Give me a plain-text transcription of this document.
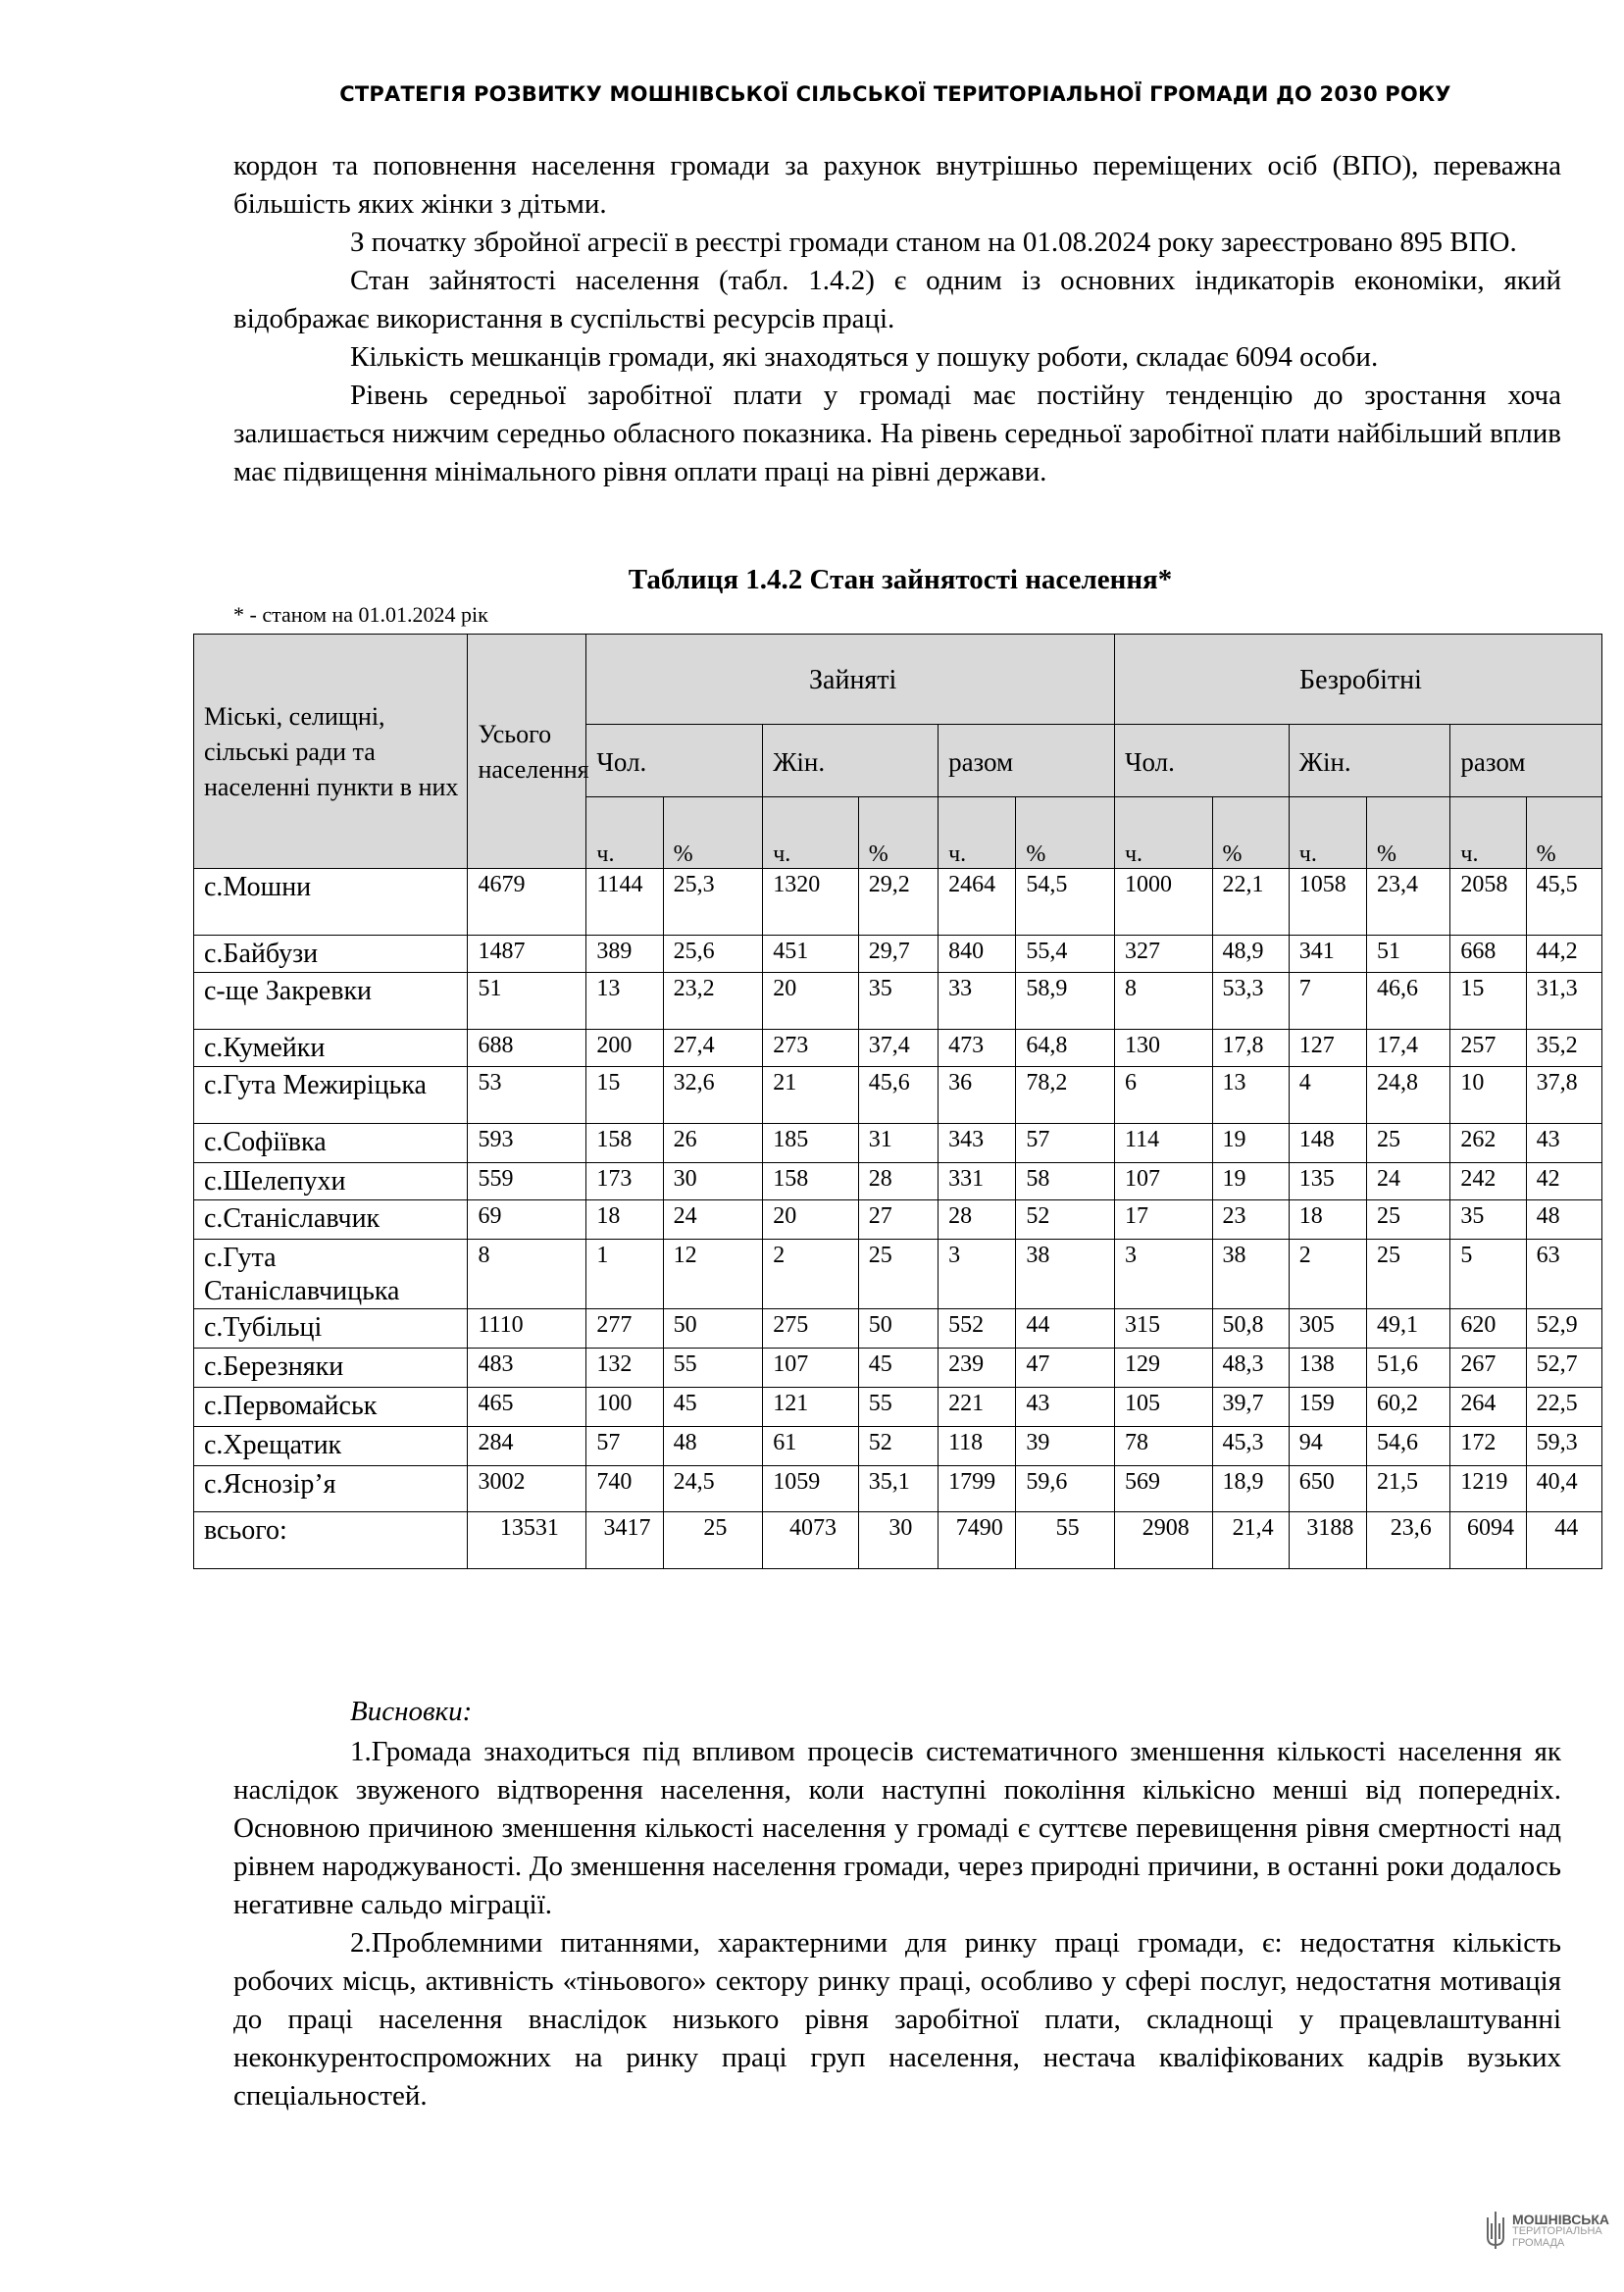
СТРАТЕГІЯ РОЗВИТКУ МОШНІВСЬКОЇ СІЛЬСЬКОЇ ТЕРИТОРІАЛЬНОЇ ГРОМАДИ ДО 2030 РОКУ

кордон та поповнення населення громади за рахунок внутрішньо переміщених осіб (ВПО), переважна більшість яких жінки з дітьми.

З початку збройної агресії в реєстрі громади станом на 01.08.2024 року зареєстровано 895 ВПО.

Стан зайнятості населення (табл. 1.4.2) є одним із основних індикаторів економіки, який відображає використання в суспільстві ресурсів праці.

Кількість мешканців громади, які знаходяться у пошуку роботи, складає 6094 особи.

Рівень середньої заробітної плати у громаді має постійну тенденцію до зростання хоча залишається нижчим середньо обласного показника. На рівень середньої заробітної плати найбільший вплив має підвищення мінімального рівня оплати праці на рівні держави.

Таблиця 1.4.2 Стан зайнятості населення*
* - станом на 01.01.2024 рік
Міські, селищні, сільські ради та населенні пункти в них	Усього населення	Зайняті						Безробітні					
		Чол.		Жін.		разом		Чол.		Жін.		разом	
		ч.	%	ч.	%	ч.	%	ч.	%	ч.	%	ч.	%
с.Мошни	4679	1144	25,3	1320	29,2	2464	54,5	1000	22,1	1058	23,4	2058	45,5
с.Байбузи	1487	389	25,6	451	29,7	840	55,4	327	48,9	341	51	668	44,2
с-ще Закревки	51	13	23,2	20	35	33	58,9	8	53,3	7	46,6	15	31,3
с.Кумейки	688	200	27,4	273	37,4	473	64,8	130	17,8	127	17,4	257	35,2
с.Гута Межиріцька	53	15	32,6	21	45,6	36	78,2	6	13	4	24,8	10	37,8
с.Софіївка	593	158	26	185	31	343	57	114	19	148	25	262	43
с.Шелепухи	559	173	30	158	28	331	58	107	19	135	24	242	42
с.Станіславчик	69	18	24	20	27	28	52	17	23	18	25	35	48
с.Гута Станіславчицька	8	1	12	2	25	3	38	3	38	2	25	5	63
с.Тубільці	1110	277	50	275	50	552	44	315	50,8	305	49,1	620	52,9
с.Березняки	483	132	55	107	45	239	47	129	48,3	138	51,6	267	52,7
с.Первомайськ	465	100	45	121	55	221	43	105	39,7	159	60,2	264	22,5
с.Хрещатик	284	57	48	61	52	118	39	78	45,3	94	54,6	172	59,3
с.Яснозір’я	3002	740	24,5	1059	35,1	1799	59,6	569	18,9	650	21,5	1219	40,4
всього:	13531	3417	25	4073	30	7490	55	2908	21,4	3188	23,6	6094	44

Висновки:

1.Громада знаходиться під впливом процесів систематичного зменшення кількості населення як наслідок звуженого відтворення населення, коли наступні покоління кількісно менші від попередніх. Основною причиною зменшення кількості населення у громаді є суттєве перевищення рівня смертності над рівнем народжуваності. До зменшення населення громади, через природні причини, в останні роки додалось негативне сальдо міграції.

2.Проблемними питаннями, характерними для ринку праці громади, є: недостатня кількість робочих місць, активність «тіньового» сектору ринку праці, особливо у сфері послуг, недостатня мотивація до праці населення внаслідок низького рівня заробітної плати, складнощі у працевлаштуванні неконкурентоспроможних на ринку праці груп населення, нестача кваліфікованих кадрів вузьких спеціальностей.

МОШНІВСЬКА
ТЕРИТОРІАЛЬНА
ГРОМАДА
